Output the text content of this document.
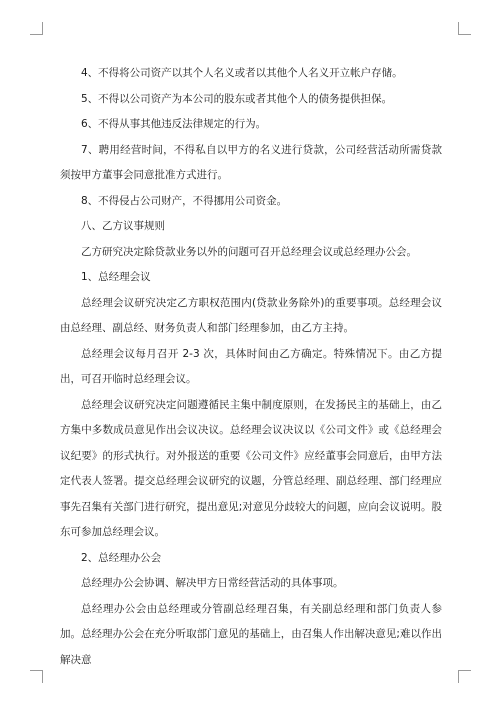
4、不得将公司资产以其个人名义或者以其他个人名义开立帐户存储。

5、不得以公司资产为本公司的股东或者其他个人的债务提供担保。

6、不得从事其他违反法律规定的行为。

7、聘用经营时间，不得私自以甲方的名义进行贷款，公司经营活动所需贷款须按甲方董事会同意批准方式进行。

8、不得侵占公司财产，不得挪用公司资金。

八、乙方议事规则

乙方研究决定除贷款业务以外的问题可召开总经理会议或总经理办公会。

1、总经理会议

总经理会议研究决定乙方职权范围内(贷款业务除外)的重要事项。总经理会议由总经理、副总经、财务负责人和部门经理参加，由乙方主持。

总经理会议每月召开 2-3 次，具体时间由乙方确定。特殊情况下。由乙方提出，可召开临时总经理会议。

总经理会议研究决定问题遵循民主集中制度原则，在发扬民主的基础上，由乙方集中多数成员意见作出会议决议。总经理会议决议以《公司文件》或《总经理会议纪要》的形式执行。对外报送的重要《公司文件》应经董事会同意后，由甲方法定代表人签署。提交总经理会议研究的议题，分管总经理、副总经理、部门经理应事先召集有关部门进行研究，提出意见;对意见分歧较大的问题，应向会议说明。股东可参加总经理会议。

2、总经理办公会

总经理办公会协调、解决甲方日常经营活动的具体事项。

总经理办公会由总经理或分管副总经理召集，有关副总经理和部门负责人参加。总经理办公会在充分听取部门意见的基础上，由召集人作出解决意见;难以作出解决意
